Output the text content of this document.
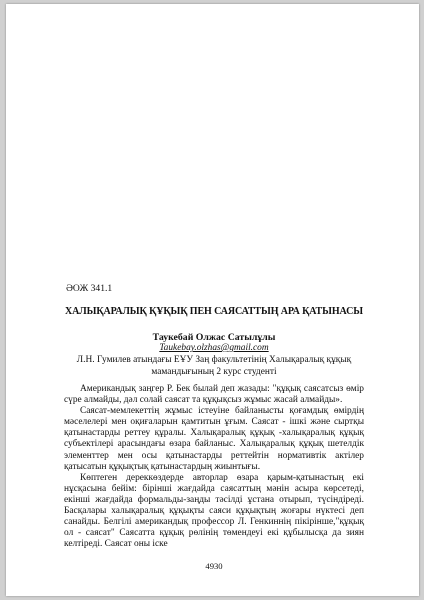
ӘОЖ 341.1
ХАЛЫҚАРАЛЫҚ ҚҰҚЫҚ ПЕН САЯСАТТЫҢ АРА ҚАТЫНАСЫ
Таукебай Олжас Сатылұлы
Taukebay.olzhas@gmail.com
Л.Н. Гумилев атындағы ЕҰУ Заң факультетінің Халықаралық құқық мамандығының 2 курс студенті

Американдық заңгер Р. Бек былай деп жазады: "құқық саясатсыз өмір сүре алмайды, дәл солай саясат та құқықсыз жұмыс жасай алмайды».

Саясат-мемлекеттің жұмыс істеуіне байланысты қоғамдық өмірдің мәселелері мен оқиғаларын қамтитын ұғым. Саясат - ішкі және сыртқы қатынастарды реттеу құралы. Халықаралық құқық -халықаралық құқық субъектілері арасындағы өзара байланыс. Халықаралық құқық шетелдік элементтер мен осы қатынастарды реттейтін нормативтік актілер қатысатын құқықтық қатынастардың жиынтығы.

Көптеген дереккөздерде авторлар өзара қарым-қатынастың екі нұсқасына бейім: бірінші жағдайда саясаттың мәнін асыра көрсетеді, екінші жағдайда формальды-заңды тәсілді ұстана отырып, түсіндіреді. Басқалары халықаралық құқықты саяси құқықтың жоғары нүктесі деп санайды. Белгілі американдық профессор Л. Генкиннің пікірінше,"құқық ол - саясат" Саясатта құқық рөлінің төмендеуі екі құбылысқа да зиян келтіреді. Саясат оны іске

4930
